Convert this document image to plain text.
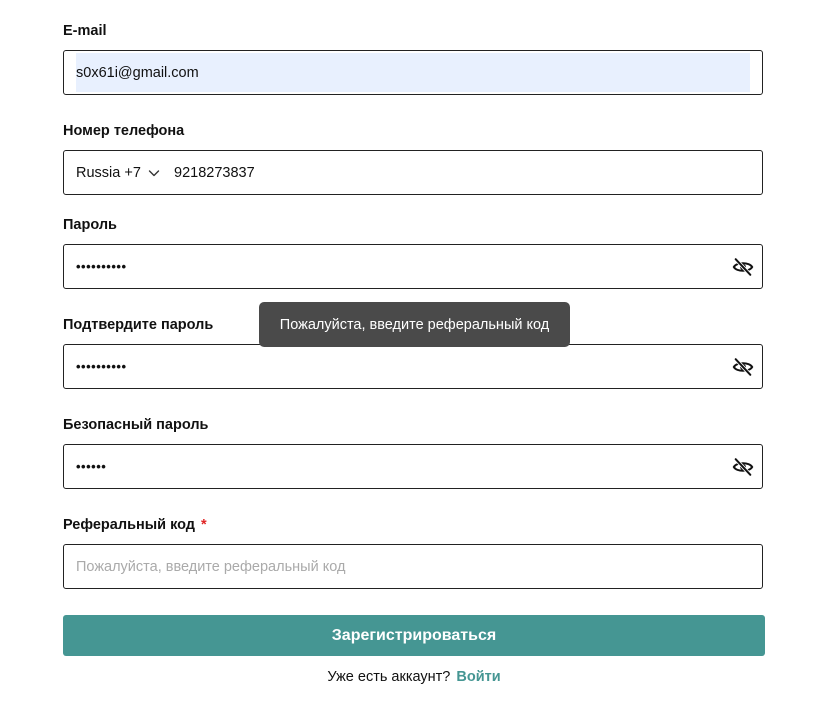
E-mail
s0x61i@gmail.com
Номер телефона
Russia +7 9218273837
Пароль
••••••••••
Подтвердите пароль
••••••••••
Безопасный пароль
••••••
Реферальный код *
Пожалуйста, введите реферальный код
Пожалуйста, введите реферальный код
Зарегистрироваться
Уже есть аккаунт? Войти
